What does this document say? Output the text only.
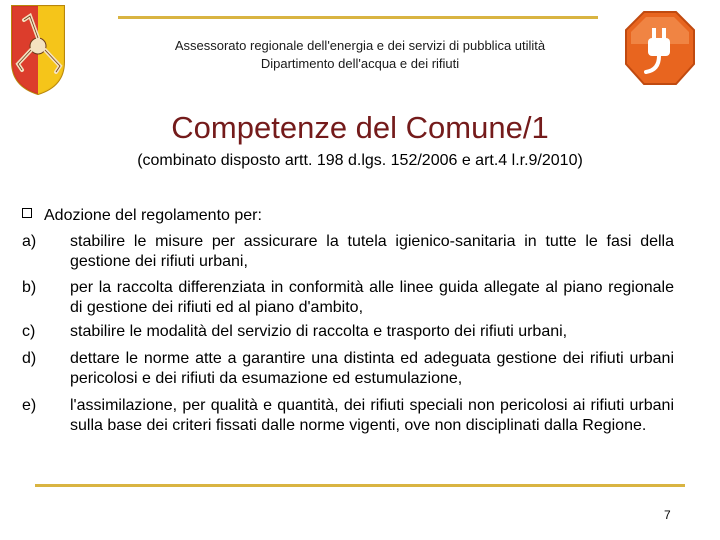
Assessorato regionale dell'energia e dei servizi di pubblica utilità
Dipartimento dell'acqua e dei rifiuti
Competenze del Comune/1
(combinato disposto artt. 198 d.lgs. 152/2006 e art.4 l.r.9/2010)
Adozione del regolamento per:
a) stabilire le misure per assicurare la tutela igienico-sanitaria in tutte le fasi della gestione dei rifiuti urbani,
b) per la raccolta differenziata in conformità alle linee guida allegate al piano regionale di gestione dei rifiuti ed al piano d'ambito,
c) stabilire le modalità del servizio di raccolta e trasporto dei rifiuti urbani,
d) dettare le norme atte a garantire una distinta ed adeguata gestione dei rifiuti urbani pericolosi e dei rifiuti da esumazione ed estumulazione,
e) l'assimilazione, per qualità e quantità, dei rifiuti speciali non pericolosi ai rifiuti urbani sulla base dei criteri fissati dalle norme vigenti, ove non disciplinati dalla Regione.
7
